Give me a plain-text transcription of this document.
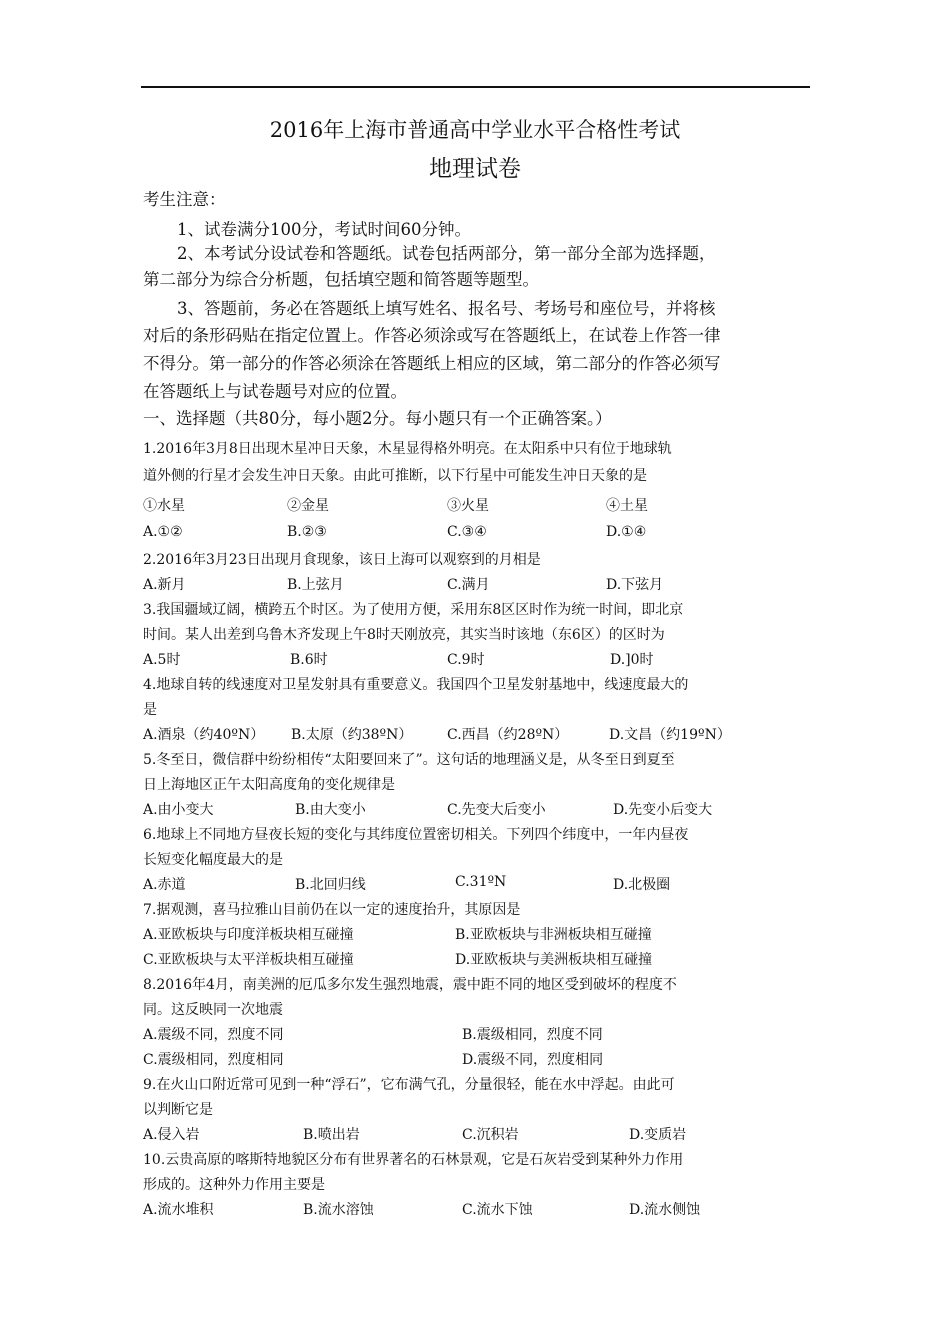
2016年上海市普通高中学业水平合格性考试
地理试卷
考生注意：
1、试卷满分100分，考试时间60分钟。
2、本考试分设试卷和答题纸。试卷包括两部分，第一部分全部为选择题，
第二部分为综合分析题，包括填空题和简答题等题型。
3、答题前，务必在答题纸上填写姓名、报名号、考场号和座位号，并将核
对后的条形码贴在指定位置上。作答必须涂或写在答题纸上，在试卷上作答一律
不得分。第一部分的作答必须涂在答题纸上相应的区域，第二部分的作答必须写
在答题纸上与试卷题号对应的位置。
一、选择题（共80分，每小题2分。每小题只有一个正确答案。）
1.2016年3月8日出现木星冲日天象，木星显得格外明亮。在太阳系中只有位于地球轨
道外侧的行星才会发生冲日天象。由此可推断，以下行星中可能发生冲日天象的是
①水星	②金星	③火星	④土星
A.①②	B.②③	C.③④	D.①④
2.2016年3月23日出现月食现象，该日上海可以观察到的月相是
A.新月	B.上弦月	C.满月	D.下弦月
3.我国疆域辽阔，横跨五个时区。为了使用方便，采用东8区区时作为统一时间，即北京
时间。某人出差到乌鲁木齐发现上午8时天刚放亮，其实当时该地（东6区）的区时为
A.5时	B.6时	C.9时	D.]0时
4.地球自转的线速度对卫星发射具有重要意义。我国四个卫星发射基地中，线速度最大的
是
A.酒泉（约40ºN） B.太原（约38ºN） C.西昌（约28ºN）	D.文昌（约19ºN）
5.冬至日，微信群中纷纷相传“太阳要回来了”。这句话的地理涵义是，从冬至日到夏至
日上海地区正午太阳高度角的变化规律是
A.由小变大	B.由大变小	C.先变大后变小	D.先变小后变大
6.地球上不同地方昼夜长短的变化与其纬度位置密切相关。下列四个纬度中，一年内昼夜
长短变化幅度最大的是
A.赤道	B.北回归线	C.31ºN	D.北极圈
7.据观测，喜马拉雅山目前仍在以一定的速度抬升，其原因是
A.亚欧板块与印度洋板块相互碰撞	B.亚欧板块与非洲板块相互碰撞
C.亚欧板块与太平洋板块相互碰撞	D.亚欧板块与美洲板块相互碰撞
8.2016年4月，南美洲的厄瓜多尔发生强烈地震，震中距不同的地区受到破坏的程度不
同。这反映同一次地震
A.震级不同，烈度不同	B.震级相同，烈度不同
C.震级相同，烈度相同	D.震级不同，烈度相同
9.在火山口附近常可见到一种“浮石”，它布满气孔，分量很轻，能在水中浮起。由此可
以判断它是
A.侵入岩	B.喷出岩	C.沉积岩	D.变质岩
10.云贵高原的喀斯特地貌区分布有世界著名的石林景观，它是石灰岩受到某种外力作用
形成的。这种外力作用主要是
A.流水堆积	B.流水溶蚀	C.流水下蚀	D.流水侧蚀
